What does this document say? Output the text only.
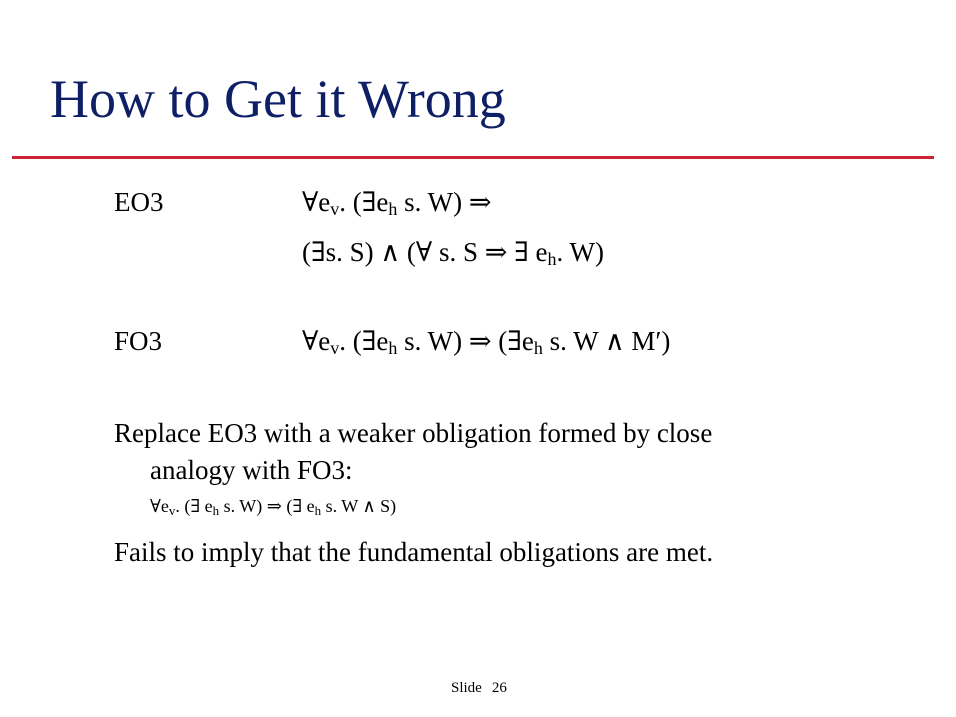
How to Get it Wrong
EO3	$\forall e_v$. ($\exists e_h$ s. W) ⇒
(∃s. S) ∧ (∀ s. S ⇒ ∃ $e_h$. W)
FO3	$\forall e_v$. ($\exists e_h$ s. W) ⇒ ($\exists e_h$ s. W ∧ M′)
Replace EO3 with a weaker obligation formed by close
analogy with FO3:
$\forall e_v$. (∃ $e_h$ s. W) ⇒ (∃ $e_h$ s. W ∧ S)
Fails to imply that the fundamental obligations are met.
Slide 26
